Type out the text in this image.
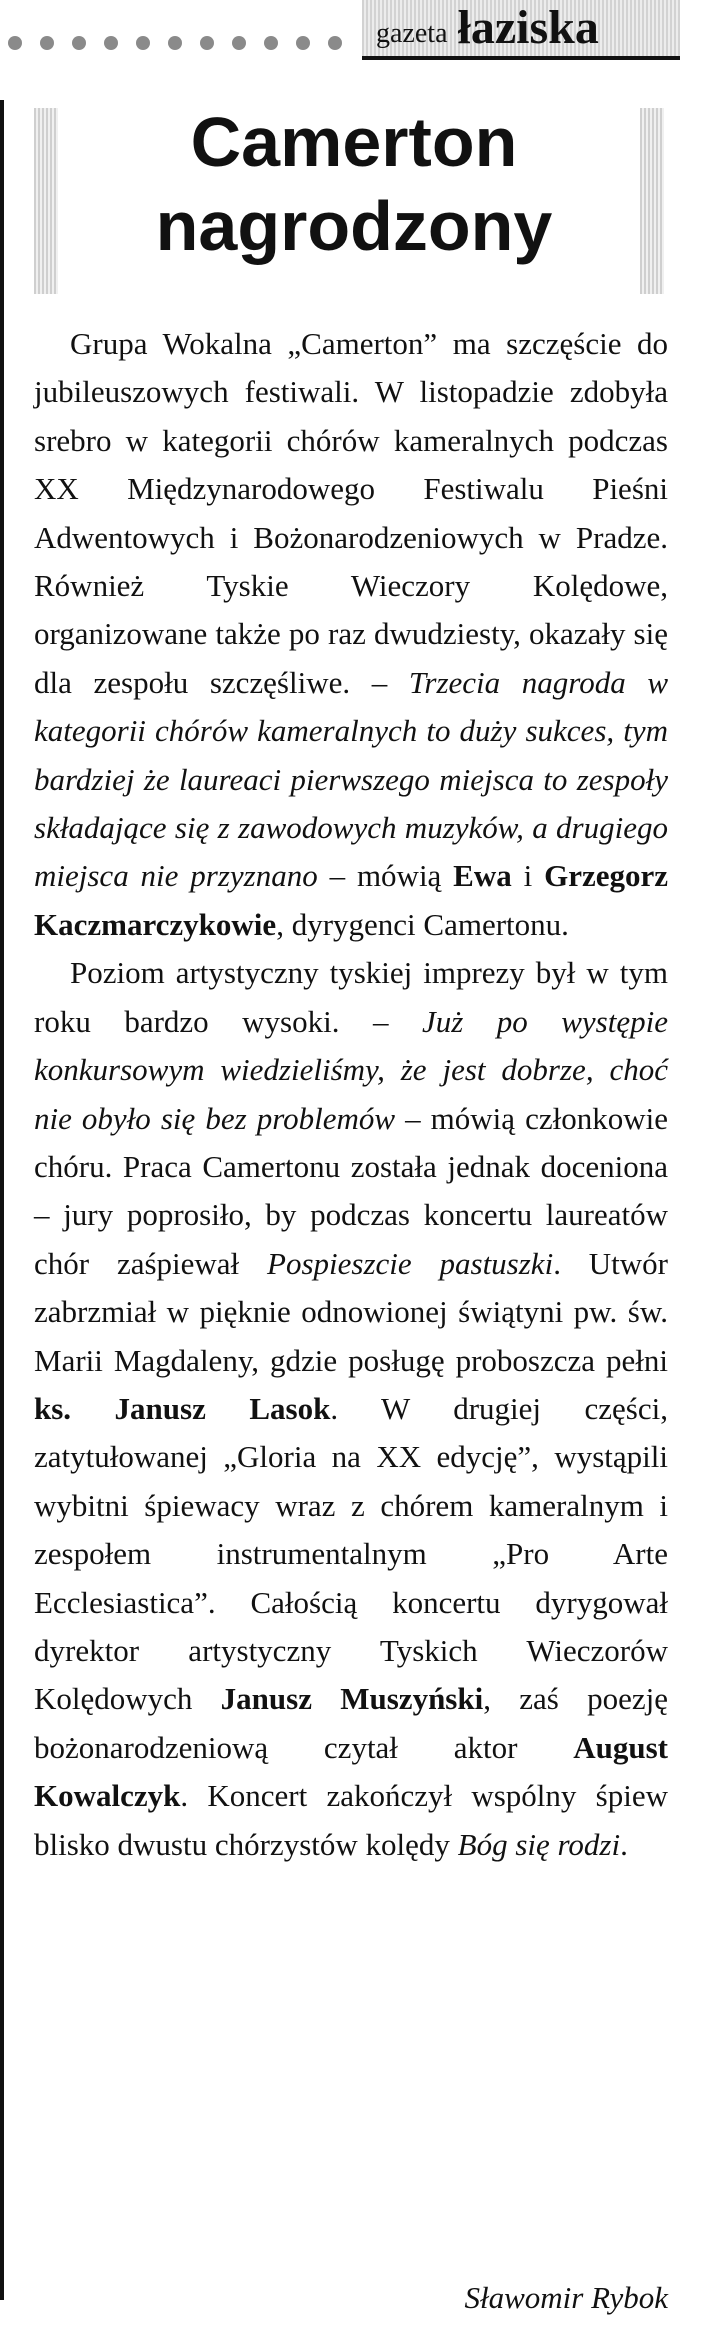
gazeta łaziska
Camerton
nagrodzony

Grupa Wokalna „Camerton” ma szczęście do jubileuszowych festiwali. W listopadzie zdobyła srebro w kategorii chórów kameralnych podczas XX Międzynarodowego Festiwalu Pieśni Adwentowych i Bożonarodzeniowych w Pradze. Również Tyskie Wieczory Kolędowe, organizowane także po raz dwudziesty, okazały się dla zespołu szczęśliwe. – Trzecia nagroda w kategorii chórów kameralnych to duży sukces, tym bardziej że laureaci pierwszego miejsca to zespoły składające się z zawodowych muzyków, a drugiego miejsca nie przyznano – mówią Ewa i Grzegorz Kaczmarczykowie, dyrygenci Camertonu.

Poziom artystyczny tyskiej imprezy był w tym roku bardzo wysoki. – Już po występie konkursowym wiedzieliśmy, że jest dobrze, choć nie obyło się bez problemów – mówią członkowie chóru. Praca Camertonu została jednak doceniona – jury poprosiło, by podczas koncertu laureatów chór zaśpiewał Pospieszcie pastuszki. Utwór zabrzmiał w pięknie odnowionej świątyni pw. św. Marii Magdaleny, gdzie posługę proboszcza pełni ks. Janusz Lasok. W drugiej części, zatytułowanej „Gloria na XX edycję”, wystąpili wybitni śpiewacy wraz z chórem kameralnym i zespołem instrumentalnym „Pro Arte Ecclesiastica”. Całością koncertu dyrygował dyrektor artystyczny Tyskich Wieczorów Kolędowych Janusz Muszyński, zaś poezję bożonarodzeniową czytał aktor August Kowalczyk. Koncert zakończył wspólny śpiew blisko dwustu chórzystów kolędy Bóg się rodzi.

Sławomir Rybok
